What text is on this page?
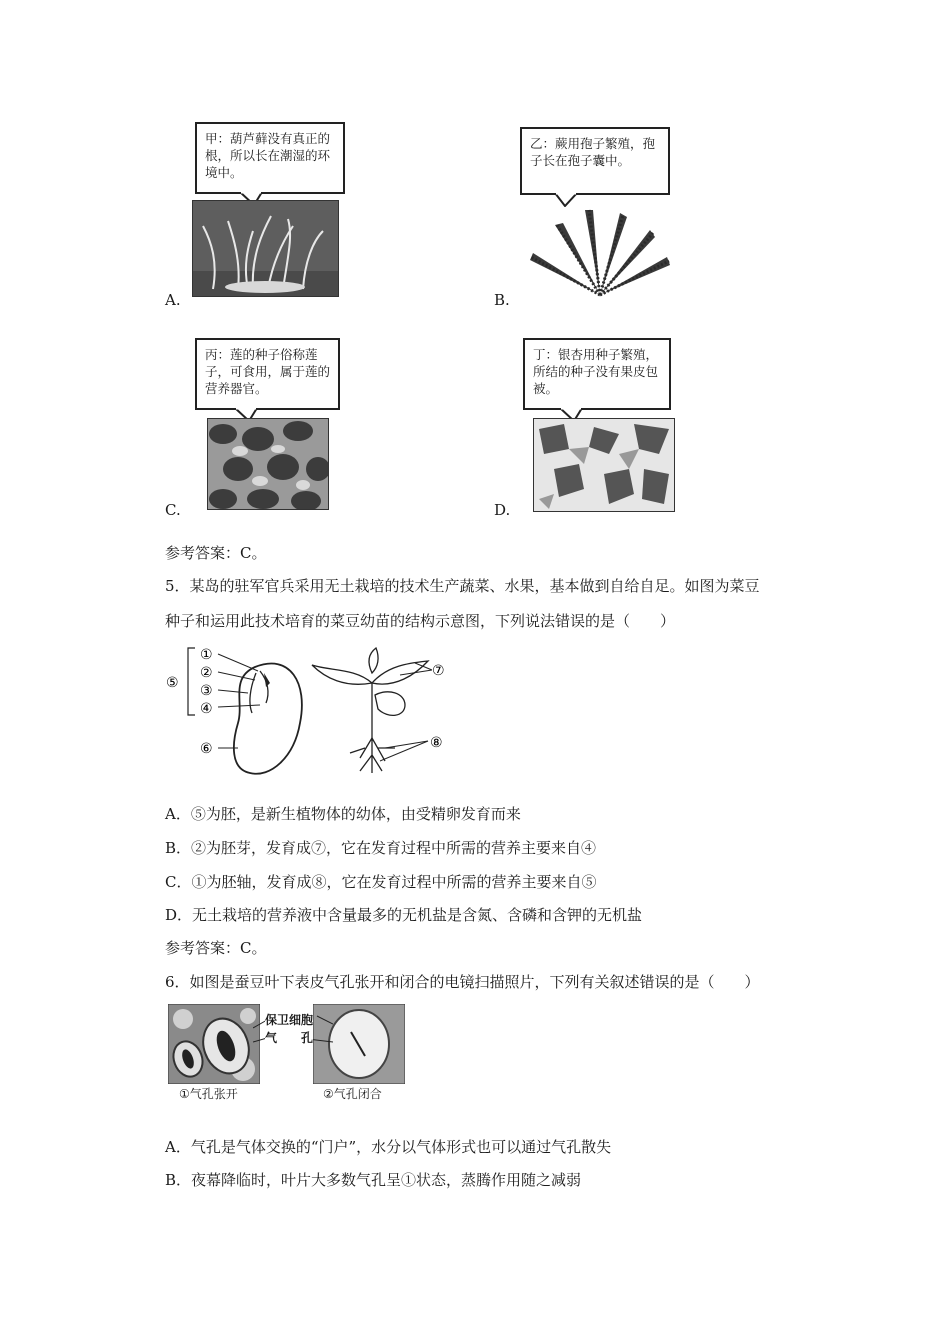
甲：葫芦藓没有真正的根，所以长在潮湿的环境中。
A.
乙：蕨用孢子繁殖，孢子长在孢子囊中。
B.
丙：莲的种子俗称莲子，可食用，属于莲的营养器官。
C.
丁：银杏用种子繁殖，所结的种子没有果皮包被。
D.
参考答案：C。
5．某岛的驻军官兵采用无土栽培的技术生产蔬菜、水果，基本做到自给自足。如图为菜豆
种子和运用此技术培育的菜豆幼苗的结构示意图，下列说法错误的是（　　）
①
②
③
④
⑤
⑥
⑦
⑧
A．⑤为胚，是新生植物体的幼体，由受精卵发育而来
B．②为胚芽，发育成⑦，它在发育过程中所需的营养主要来自④
C．①为胚轴，发育成⑧，它在发育过程中所需的营养主要来自⑤
D．无土栽培的营养液中含量最多的无机盐是含氮、含磷和含钾的无机盐
参考答案：C。
6．如图是蚕豆叶下表皮气孔张开和闭合的电镜扫描照片，下列有关叙述错误的是（　　）
保卫细胞
气　　孔
①气孔张开	②气孔闭合
A．气孔是气体交换的“门户”，水分以气体形式也可以通过气孔散失
B．夜幕降临时，叶片大多数气孔呈①状态，蒸腾作用随之减弱
